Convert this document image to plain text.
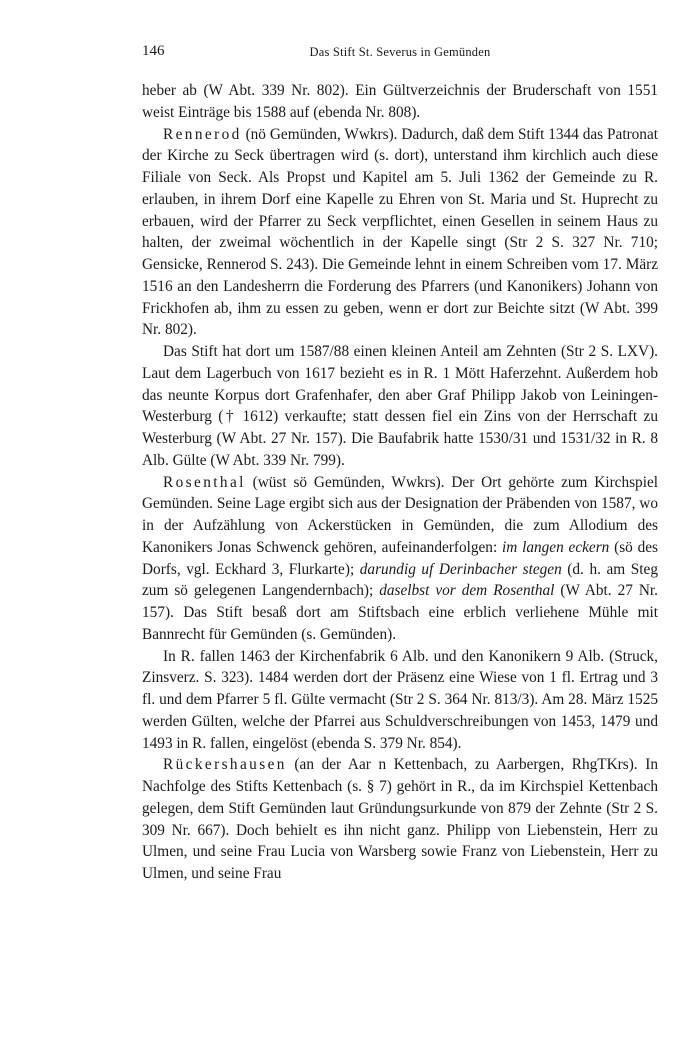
146	Das Stift St. Severus in Gemünden

heber ab (W Abt. 339 Nr. 802). Ein Gültverzeichnis der Bruderschaft von 1551 weist Einträge bis 1588 auf (ebenda Nr. 808).

Rennerod (nö Gemünden, Wwkrs). Dadurch, daß dem Stift 1344 das Patronat der Kirche zu Seck übertragen wird (s. dort), unterstand ihm kirchlich auch diese Filiale von Seck. Als Propst und Kapitel am 5. Juli 1362 der Gemeinde zu R. erlauben, in ihrem Dorf eine Kapelle zu Ehren von St. Maria und St. Huprecht zu erbauen, wird der Pfarrer zu Seck verpflichtet, einen Gesellen in seinem Haus zu halten, der zweimal wöchentlich in der Kapelle singt (Str 2 S. 327 Nr. 710; Gensicke, Rennerod S. 243). Die Gemeinde lehnt in einem Schreiben vom 17. März 1516 an den Landesherrn die Forderung des Pfarrers (und Kanonikers) Johann von Frickhofen ab, ihm zu essen zu geben, wenn er dort zur Beichte sitzt (W Abt. 399 Nr. 802).

Das Stift hat dort um 1587/88 einen kleinen Anteil am Zehnten (Str 2 S. LXV). Laut dem Lagerbuch von 1617 bezieht es in R. 1 Mött Haferzehnt. Außerdem hob das neunte Korpus dort Grafenhafer, den aber Graf Philipp Jakob von Leiningen-Westerburg († 1612) verkaufte; statt dessen fiel ein Zins von der Herrschaft zu Westerburg (W Abt. 27 Nr. 157). Die Baufabrik hatte 1530/31 und 1531/32 in R. 8 Alb. Gülte (W Abt. 339 Nr. 799).

Rosenthal (wüst sö Gemünden, Wwkrs). Der Ort gehörte zum Kirchspiel Gemünden. Seine Lage ergibt sich aus der Designation der Präbenden von 1587, wo in der Aufzählung von Ackerstücken in Gemünden, die zum Allodium des Kanonikers Jonas Schwenck gehören, aufeinanderfolgen: im langen eckern (sö des Dorfs, vgl. Eckhard 3, Flurkarte); darundig uf Derinbacher stegen (d. h. am Steg zum sö gelegenen Langendernbach); daselbst vor dem Rosenthal (W Abt. 27 Nr. 157). Das Stift besaß dort am Stiftsbach eine erblich verliehene Mühle mit Bannrecht für Gemünden (s. Gemünden).

In R. fallen 1463 der Kirchenfabrik 6 Alb. und den Kanonikern 9 Alb. (Struck, Zinsverz. S. 323). 1484 werden dort der Präsenz eine Wiese von 1 fl. Ertrag und 3 fl. und dem Pfarrer 5 fl. Gülte vermacht (Str 2 S. 364 Nr. 813/3). Am 28. März 1525 werden Gülten, welche der Pfarrei aus Schuldverschreibungen von 1453, 1479 und 1493 in R. fallen, eingelöst (ebenda S. 379 Nr. 854).

Rückershausen (an der Aar n Kettenbach, zu Aarbergen, RhgTKrs). In Nachfolge des Stifts Kettenbach (s. § 7) gehört in R., da im Kirchspiel Kettenbach gelegen, dem Stift Gemünden laut Gründungsurkunde von 879 der Zehnte (Str 2 S. 309 Nr. 667). Doch behielt es ihn nicht ganz. Philipp von Liebenstein, Herr zu Ulmen, und seine Frau Lucia von Warsberg sowie Franz von Liebenstein, Herr zu Ulmen, und seine Frau
